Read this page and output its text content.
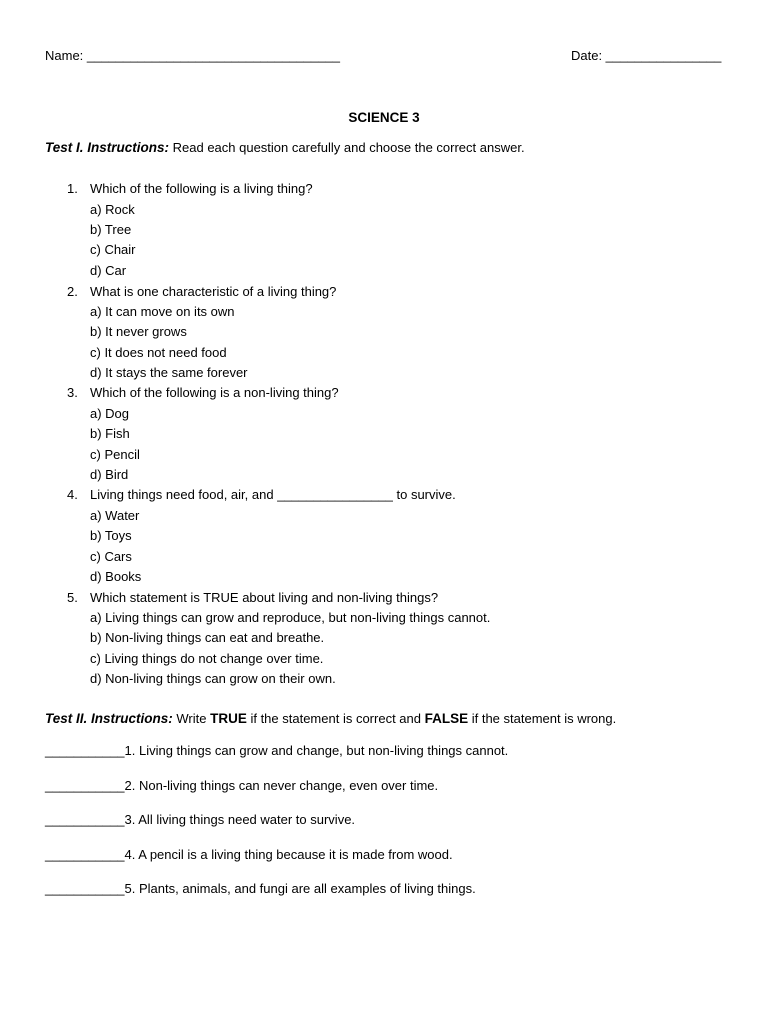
Name: ___________________________________	Date: ________________
SCIENCE 3
Test I. Instructions: Read each question carefully and choose the correct answer.
1. Which of the following is a living thing?
a) Rock
b) Tree
c) Chair
d) Car
2. What is one characteristic of a living thing?
a) It can move on its own
b) It never grows
c) It does not need food
d) It stays the same forever
3. Which of the following is a non-living thing?
a) Dog
b) Fish
c) Pencil
d) Bird
4. Living things need food, air, and ________________ to survive.
a) Water
b) Toys
c) Cars
d) Books
5. Which statement is TRUE about living and non-living things?
a) Living things can grow and reproduce, but non-living things cannot.
b) Non-living things can eat and breathe.
c) Living things do not change over time.
d) Non-living things can grow on their own.
Test II. Instructions: Write TRUE if the statement is correct and FALSE if the statement is wrong.
___________1. Living things can grow and change, but non-living things cannot.
___________2. Non-living things can never change, even over time.
___________3. All living things need water to survive.
___________4. A pencil is a living thing because it is made from wood.
___________5. Plants, animals, and fungi are all examples of living things.
